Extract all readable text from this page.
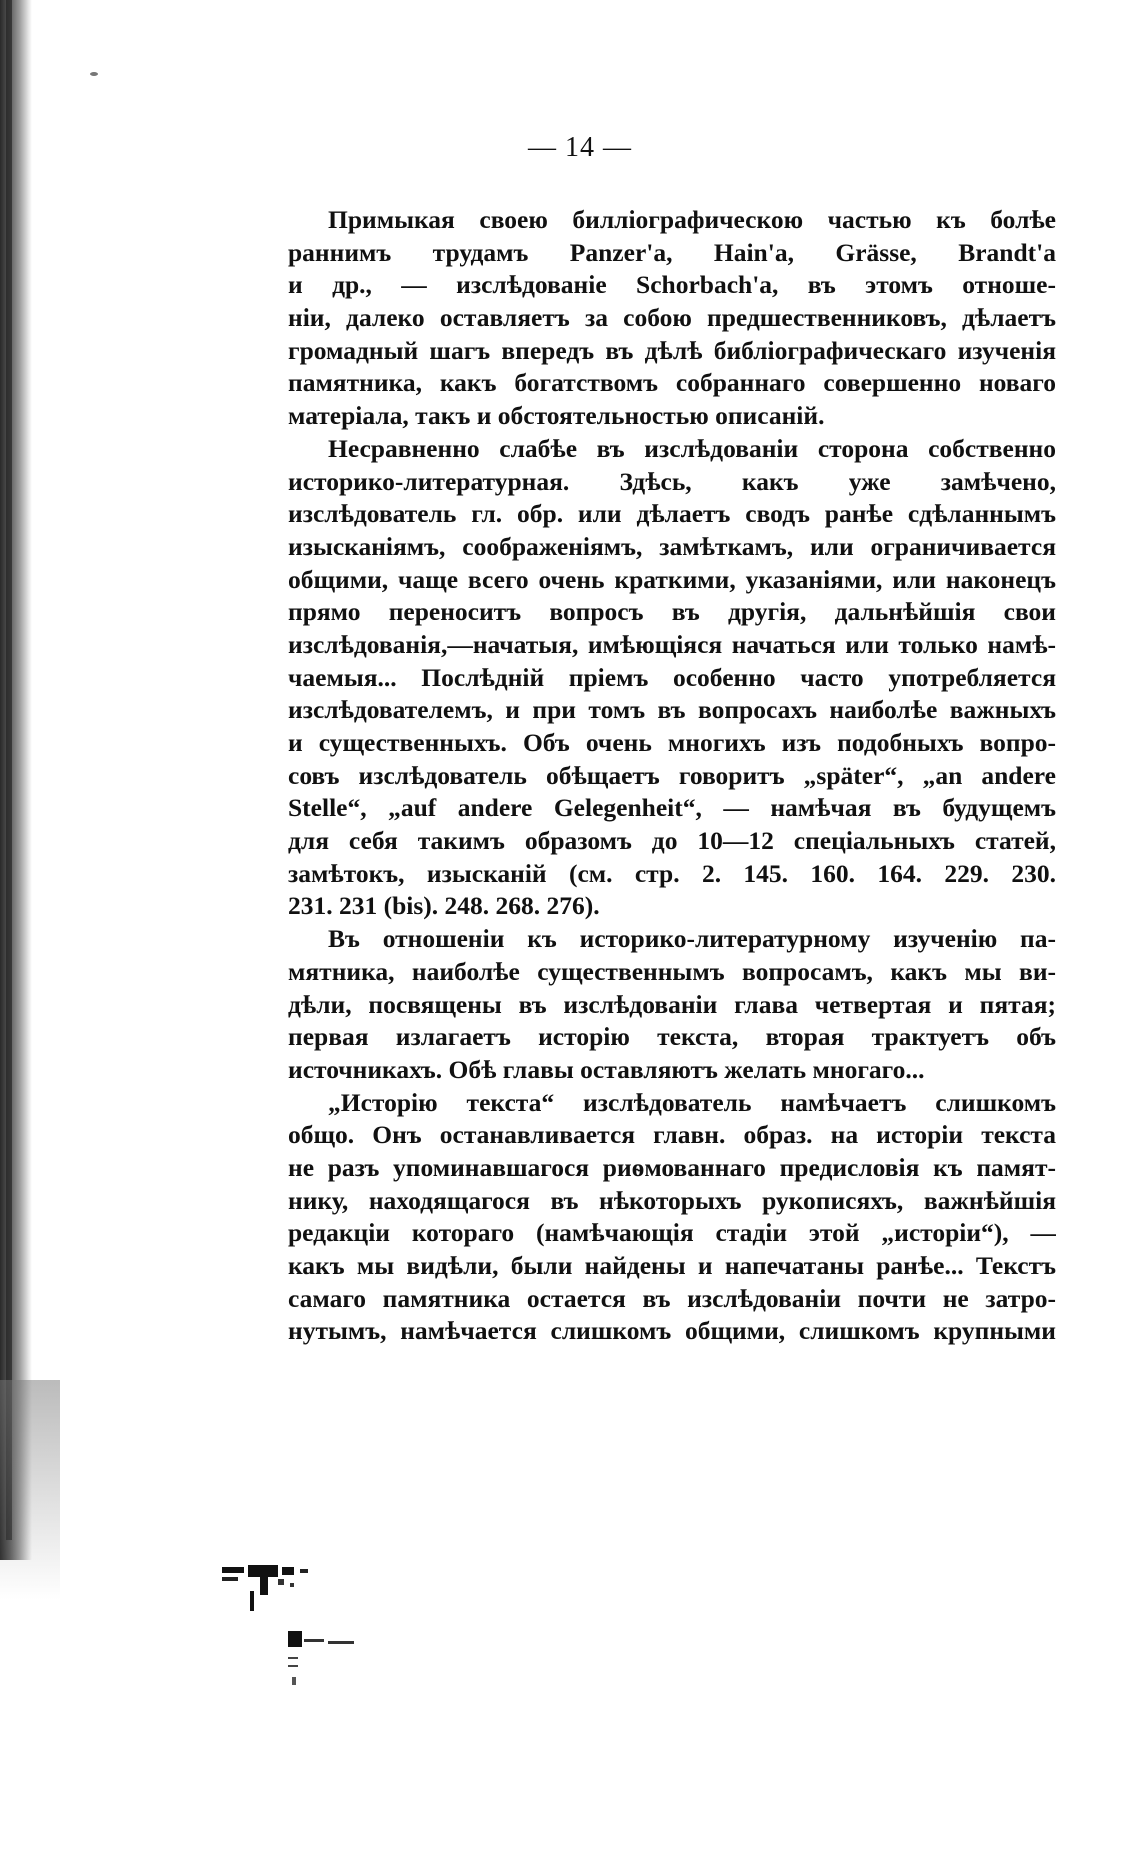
— 14 —
Примыкая своею билліографическою частью къ болѣе
раннимъ трудамъ Panzer'а, Hain'а, Grässe, Brandt'а
и др., — изслѣдованіе Schorbach'а, въ этомъ отноше-
ніи, далеко оставляетъ за собою предшественниковъ, дѣлаетъ
громадный шагъ впередъ въ дѣлѣ библіографическаго изученія
памятника, какъ богатствомъ собраннаго совершенно новаго
матеріала, такъ и обстоятельностью описаній.
Несравненно слабѣе въ изслѣдованіи сторона собственно
историко-литературная. Здѣсь, какъ уже замѣчено,
изслѣдователь гл. обр. или дѣлаетъ сводъ ранѣе сдѣланнымъ
изысканіямъ, соображеніямъ, замѣткамъ, или ограничивается
общими, чаще всего очень краткими, указаніями, или наконецъ
прямо переноситъ вопросъ въ другія, дальнѣйшія свои
изслѣдованія,—начатыя, имѣющіяся начаться или только намѣ-
чаемыя... Послѣдній пріемъ особенно часто употребляется
изслѣдователемъ, и при томъ въ вопросахъ наиболѣе важныхъ
и существенныхъ. Объ очень многихъ изъ подобныхъ вопро-
совъ изслѣдователь обѣщаетъ говоритъ „später“, „an andere
Stelle“, „auf andere Gelegenheit“, — намѣчая въ будущемъ
для себя такимъ образомъ до 10—12 спеціальныхъ статей,
замѣтокъ, изысканій (см. стр. 2. 145. 160. 164. 229. 230.
231. 231 (bis). 248. 268. 276).
Въ отношеніи къ историко-литературному изученію па-
мятника, наиболѣе существеннымъ вопросамъ, какъ мы ви-
дѣли, посвящены въ изслѣдованіи глава четвертая и пятая;
первая излагаетъ исторію текста, вторая трактуетъ объ
источникахъ. Обѣ главы оставляютъ желать многаго...
„Исторію текста“ изслѣдователь намѣчаетъ слишкомъ
общо. Онъ останавливается главн. образ. на исторіи текста
не разъ упоминавшагося риѳмованнаго предисловія къ памят-
нику, находящагося въ нѣкоторыхъ рукописяхъ, важнѣйшія
редакціи котораго (намѣчающія стадіи этой „исторіи“), —
какъ мы видѣли, были найдены и напечатаны ранѣе... Текстъ
самаго памятника остается въ изслѣдованіи почти не затро-
нутымъ, намѣчается слишкомъ общими, слишкомъ крупными
